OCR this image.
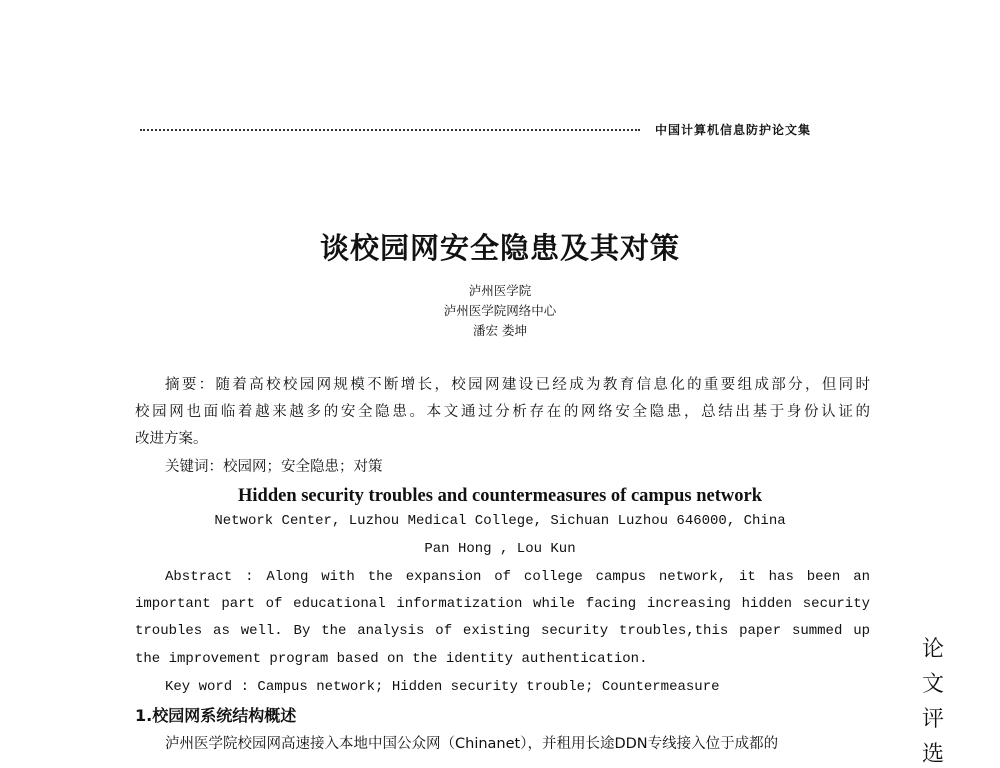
中国计算机信息防护论文集
谈校园网安全隐患及其对策
泸州医学院
泸州医学院网络中心
潘宏 娄坤
摘要：随着高校校园网规模不断增长，校园网建设已经成为教育信息化的重要组成部分，但同时
校园网也面临着越来越多的安全隐患。本文通过分析存在的网络安全隐患，总结出基于身份认证的
改进方案。
关键词：校园网；安全隐患；对策
Hidden security troubles and countermeasures of campus network
Network Center, Luzhou Medical College, Sichuan Luzhou 646000, China
Pan Hong , Lou Kun
Abstract : Along with the expansion of college campus network, it has been an
important part of educational informatization while facing increasing hidden security
troubles as well. By the analysis of existing security troubles,this paper summed up
the improvement program based on the identity authentication.
Key word : Campus network; Hidden security trouble; Countermeasure
1.校园网系统结构概述
泸州医学院校园网高速接入本地中国公众网（Chinanet），并租用长途DDN专线接入位于成都的
论
文
评
选
